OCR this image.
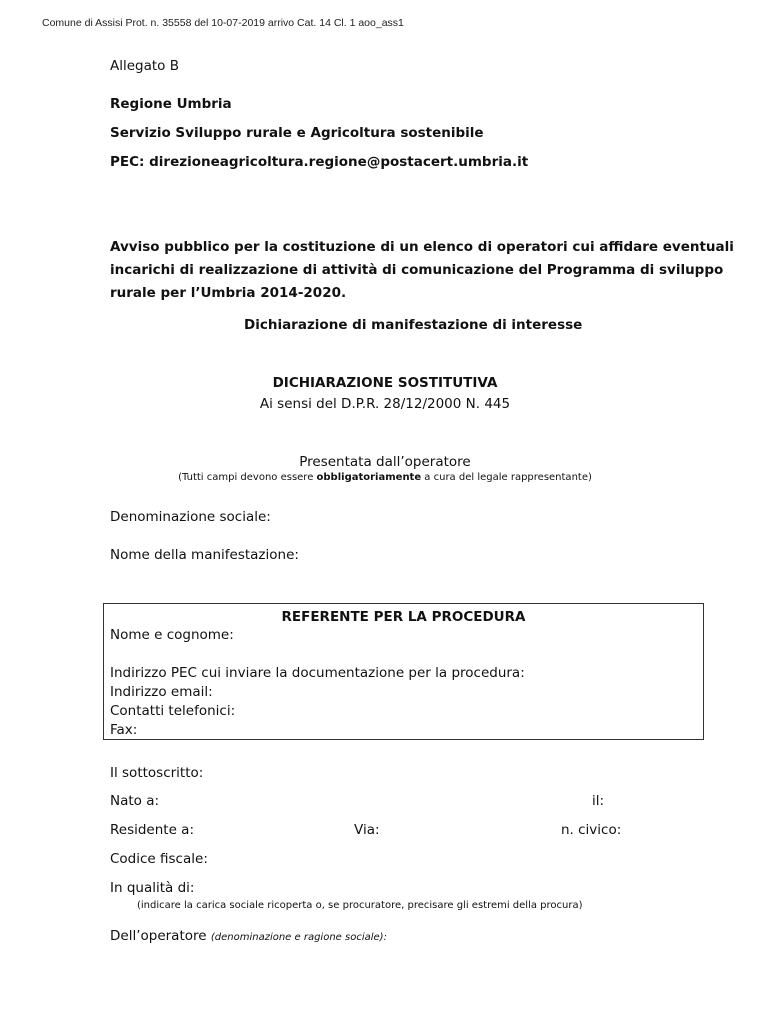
Comune di Assisi Prot. n. 35558 del 10-07-2019 arrivo Cat. 14 Cl. 1 aoo_ass1
Allegato B
Regione Umbria
Servizio Sviluppo rurale e Agricoltura sostenibile
PEC: direzioneagricoltura.regione@postacert.umbria.it
Avviso pubblico per la costituzione di un elenco di operatori cui affidare eventuali
incarichi di realizzazione di attività di comunicazione del Programma di sviluppo
rurale per l’Umbria 2014-2020.
Dichiarazione di manifestazione di interesse
DICHIARAZIONE SOSTITUTIVA
Ai sensi del D.P.R. 28/12/2000 N. 445
Presentata dall’operatore
(Tutti campi devono essere obbligatoriamente a cura del legale rappresentante)
Denominazione sociale:
Nome della manifestazione:
REFERENTE PER LA PROCEDURA
Nome e cognome:
Indirizzo PEC cui inviare la documentazione per la procedura:
Indirizzo email:
Contatti telefonici:
Fax:
Il sottoscritto:
Nato a:	il:
Residente a:	Via:	n. civico:
Codice fiscale:
In qualità di:
(indicare la carica sociale ricoperta o, se procuratore, precisare gli estremi della procura)
Dell’operatore (denominazione e ragione sociale):
